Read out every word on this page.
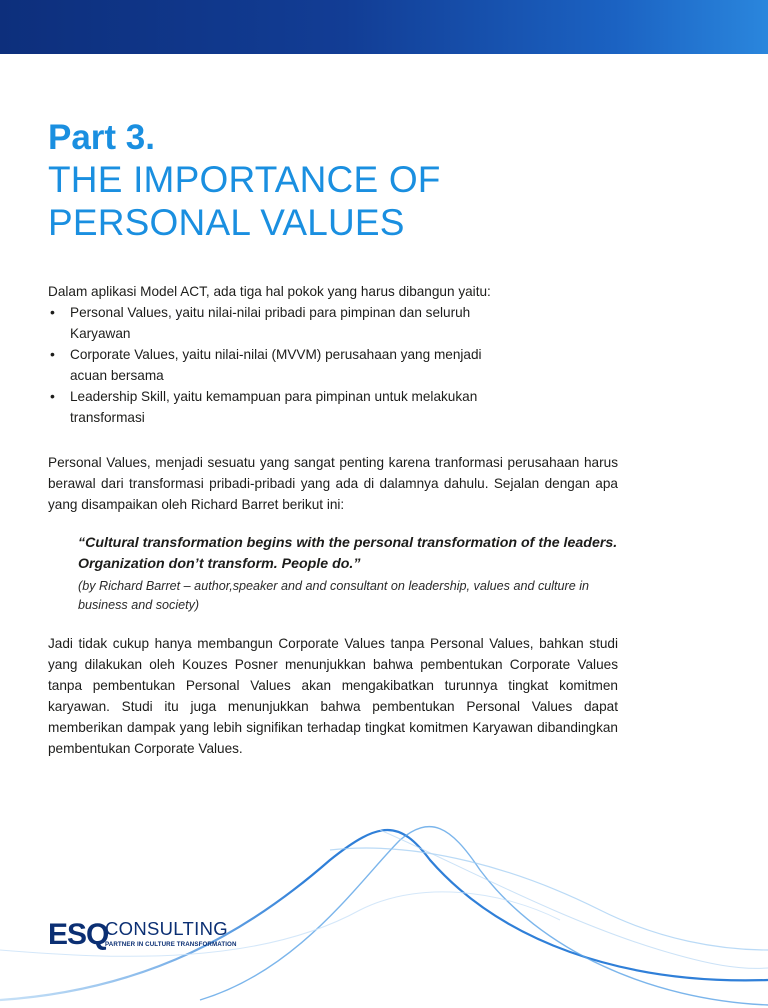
Part 3.
THE IMPORTANCE OF
PERSONAL VALUES

Dalam aplikasi Model ACT, ada tiga hal pokok yang harus dibangun yaitu:

• Personal Values, yaitu nilai-nilai pribadi para pimpinan dan seluruh Karyawan
• Corporate Values, yaitu nilai-nilai (MVVM) perusahaan yang menjadi acuan bersama
• Leadership Skill, yaitu kemampuan para pimpinan untuk melakukan transformasi

Personal Values, menjadi sesuatu yang sangat penting karena tranformasi perusahaan harus berawal dari transformasi pribadi-pribadi yang ada di dalamnya dahulu. Sejalan dengan apa yang disampaikan oleh Richard Barret berikut ini:

“Cultural transformation begins with the personal transformation of the leaders. Organization don’t transform. People do.”

(by Richard Barret – author,speaker and and consultant on leadership, values and culture in business and society)

Jadi tidak cukup hanya membangun Corporate Values tanpa Personal Values, bahkan studi yang dilakukan oleh Kouzes Posner menunjukkan bahwa pembentukan Corporate Values tanpa pembentukan Personal Values akan mengakibatkan turunnya tingkat komitmen karyawan. Studi itu juga menunjukkan bahwa pembentukan Personal Values dapat memberikan dampak yang lebih signifikan terhadap tingkat komitmen Karyawan dibandingkan pembentukan Corporate Values.

ESQ
CONSULTING
PARTNER IN CULTURE TRANSFORMATION
